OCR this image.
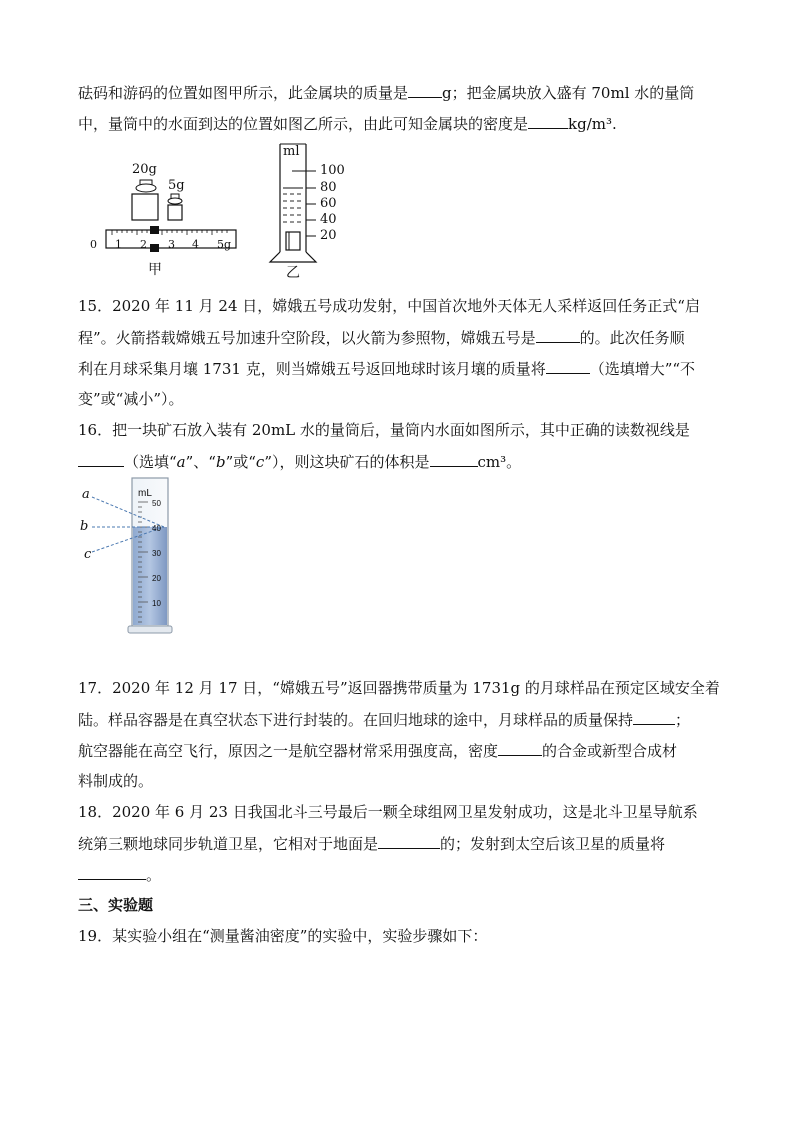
砝码和游码的位置如图甲所示，此金属块的质量是 g；把金属块放入盛有 70ml 水的量筒
中，量筒中的水面到达的位置如图乙所示，由此可知金属块的密度是	kg/m³.
20g
5g
0 1 2 3 4 5g
甲
ml
100
80
60
40
20
乙
15．2020 年 11 月 24 日，嫦娥五号成功发射，中国首次地外天体无人采样返回任务正式“启
程”。火箭搭载嫦娥五号加速升空阶段，以火箭为参照物，嫦娥五号是	的。此次任务顺
利在月球采集月壤 1731 克，则当嫦娥五号返回地球时该月壤的质量将	（选填增大”“不
变”或“减小”）。
16．把一块矿石放入装有 20mL 水的量筒后，量筒内水面如图所示，其中正确的读数视线是
（选填“a”、“b”或“c”），则这块矿石的体积是	cm³。
a
b
c
mL
50
40
30
20
10
17．2020 年 12 月 17 日，“嫦娥五号”返回器携带质量为 1731g 的月球样品在预定区域安全着
陆。样品容器是在真空状态下进行封装的。在回归地球的途中，月球样品的质量保持	；
航空器能在高空飞行，原因之一是航空器材常采用强度高，密度	的合金或新型合成材
料制成的。
18．2020 年 6 月 23 日我国北斗三号最后一颗全球组网卫星发射成功，这是北斗卫星导航系
统第三颗地球同步轨道卫星，它相对于地面是	的；发射到太空后该卫星的质量将
。
三、实验题
19．某实验小组在“测量酱油密度”的实验中，实验步骤如下：
